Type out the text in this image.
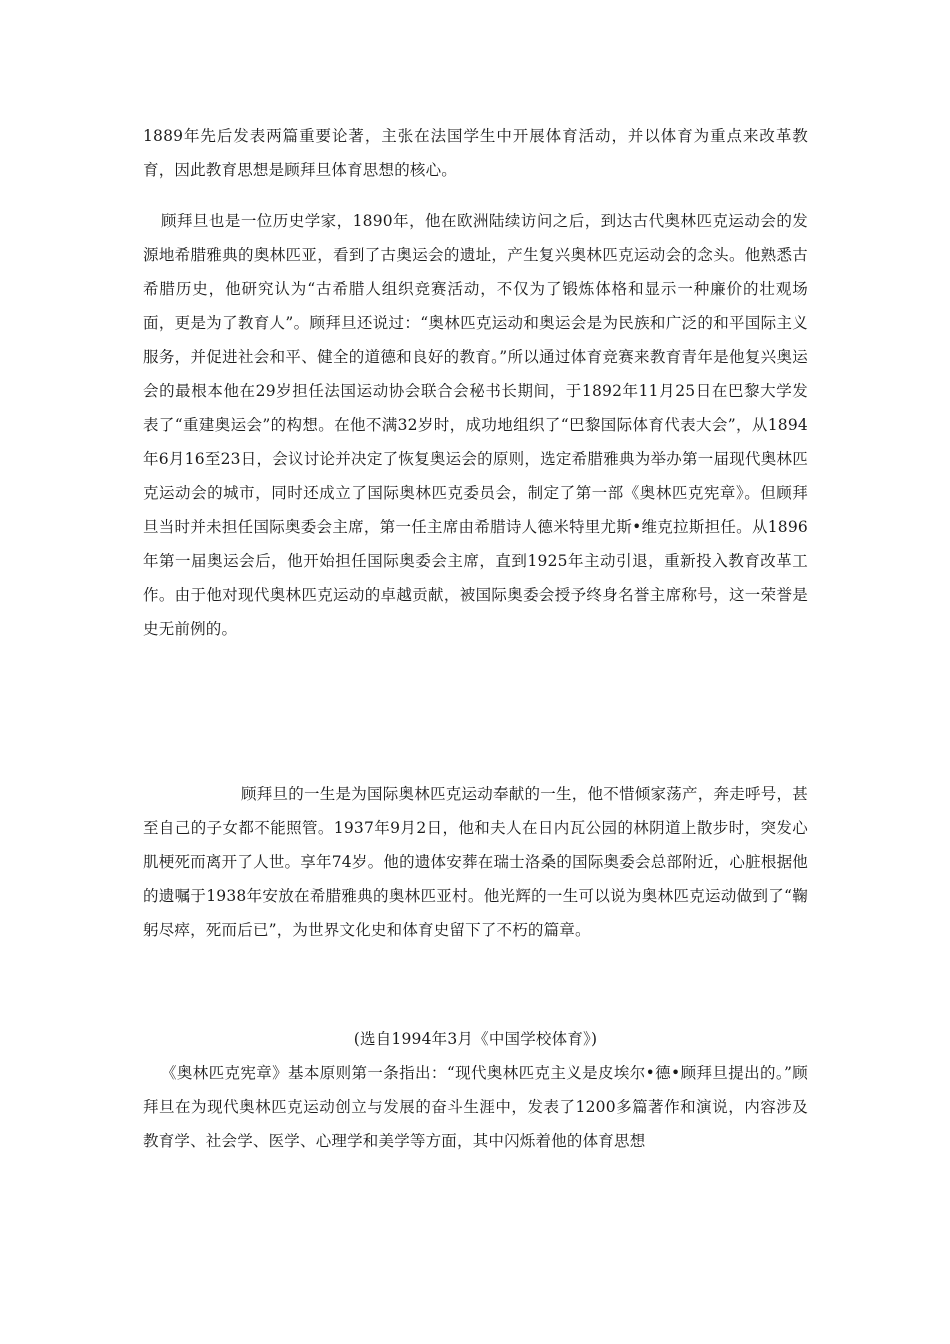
1889年先后发表两篇重要论著，主张在法国学生中开展体育活动，并以体育为重点来改革教育，因此教育思想是顾拜旦体育思想的核心。

顾拜旦也是一位历史学家，1890年，他在欧洲陆续访问之后，到达古代奥林匹克运动会的发源地希腊雅典的奥林匹亚，看到了古奥运会的遗址，产生复兴奥林匹克运动会的念头。他熟悉古希腊历史，他研究认为“古希腊人组织竞赛活动，不仅为了锻炼体格和显示一种廉价的壮观场面，更是为了教育人”。顾拜旦还说过：“奥林匹克运动和奥运会是为民族和广泛的和平国际主义服务，并促进社会和平、健全的道德和良好的教育。”所以通过体育竞赛来教育青年是他复兴奥运会的最根本他在29岁担任法国运动协会联合会秘书长期间，于1892年11月25日在巴黎大学发表了“重建奥运会”的构想。在他不满32岁时，成功地组织了“巴黎国际体育代表大会”，从1894年6月16至23日，会议讨论并决定了恢复奥运会的原则，选定希腊雅典为举办第一届现代奥林匹克运动会的城市，同时还成立了国际奥林匹克委员会，制定了第一部《奥林匹克宪章》。但顾拜旦当时并未担任国际奥委会主席，第一任主席由希腊诗人德米特里尤斯•维克拉斯担任。从1896年第一届奥运会后，他开始担任国际奥委会主席，直到1925年主动引退，重新投入教育改革工作。由于他对现代奥林匹克运动的卓越贡献，被国际奥委会授予终身名誉主席称号，这一荣誉是史无前例的。

顾拜旦的一生是为国际奥林匹克运动奉献的一生，他不惜倾家荡产，奔走呼号，甚至自己的子女都不能照管。1937年9月2日，他和夫人在日内瓦公园的林阴道上散步时，突发心肌梗死而离开了人世。享年74岁。他的遗体安葬在瑞士洛桑的国际奥委会总部附近，心脏根据他的遗嘱于1938年安放在希腊雅典的奥林匹亚村。他光辉的一生可以说为奥林匹克运动做到了“鞠躬尽瘁，死而后已”，为世界文化史和体育史留下了不朽的篇章。

(选自1994年3月《中国学校体育》)

《奥林匹克宪章》基本原则第一条指出：“现代奥林匹克主义是皮埃尔•德•顾拜旦提出的。”顾拜旦在为现代奥林匹克运动创立与发展的奋斗生涯中，发表了1200多篇著作和演说，内容涉及教育学、社会学、医学、心理学和美学等方面，其中闪烁着他的体育思想
